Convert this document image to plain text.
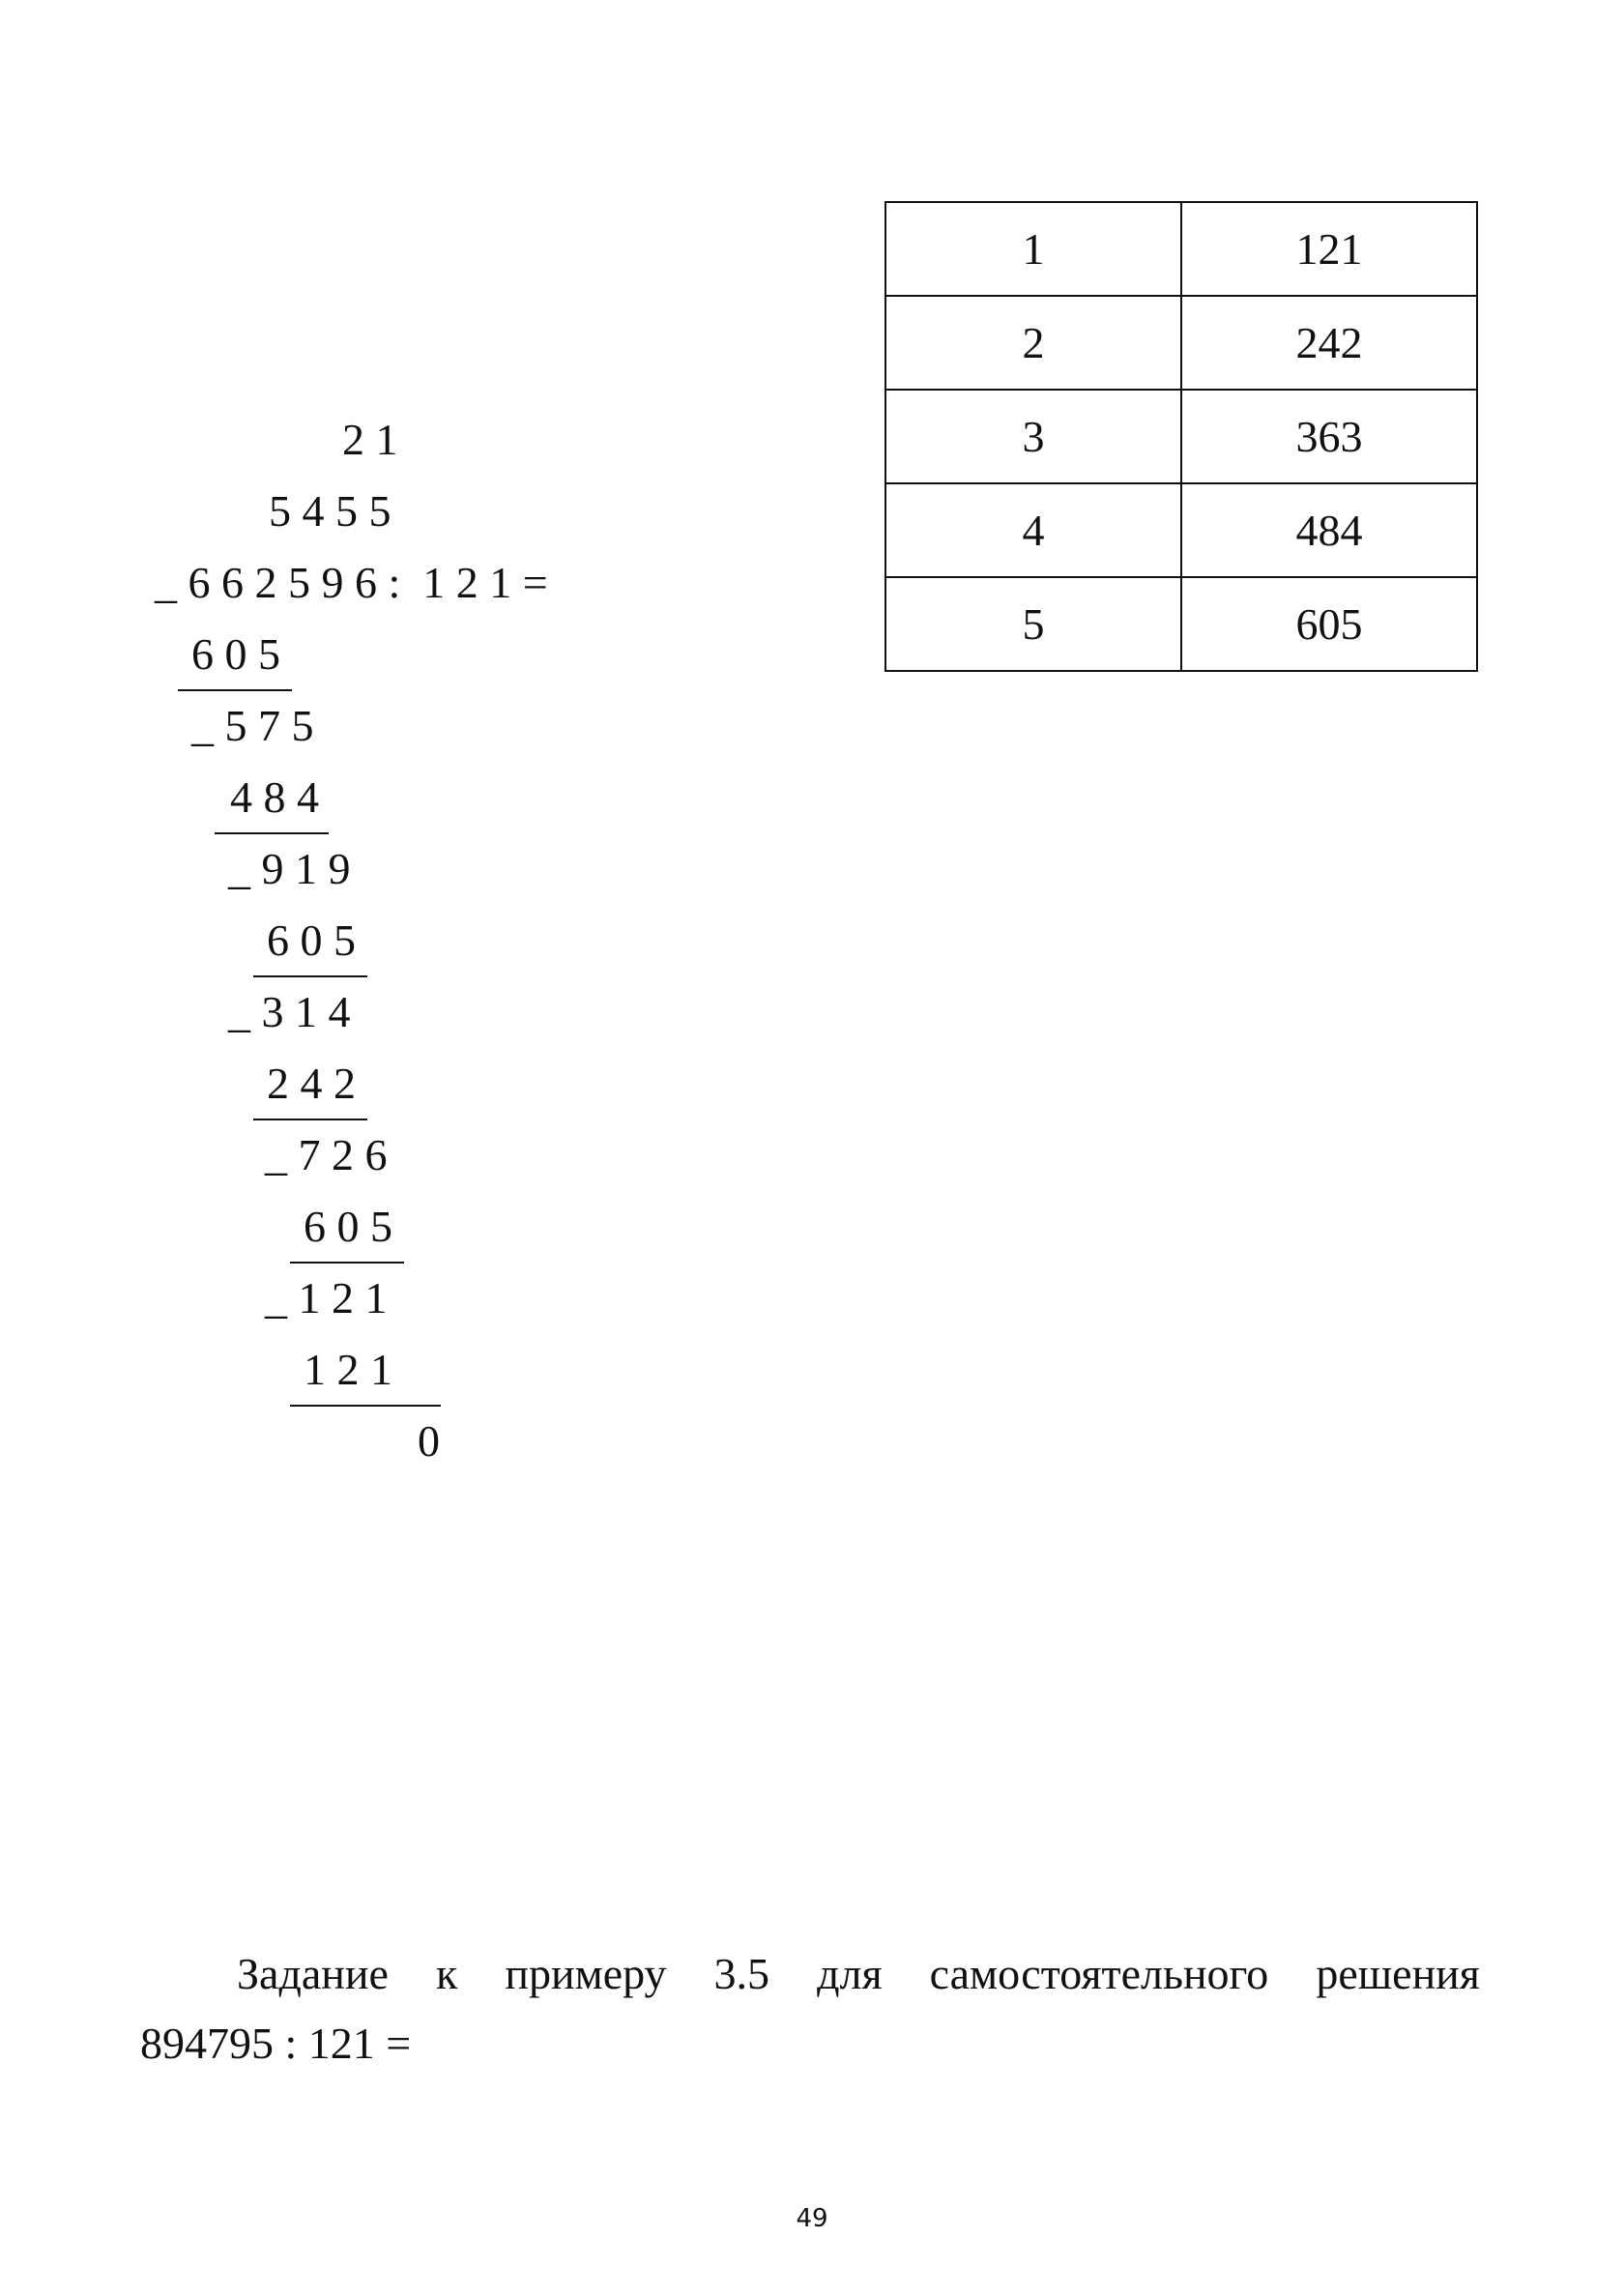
2 1
5 4 5 5
_ 6 6 2 5 9 6 :  1 2 1 =
6 0 5
_ 5 7 5
4 8 4
_ 9 1 9
6 0 5
_ 3 1 4
2 4 2
_ 7 2 6
6 0 5
_ 1 2 1
1 2 1
0
1	121
2	242
3	363
4	484
5	605
Задание к примеру 3.5 для самостоятельного решения
894795 : 121 =
49
